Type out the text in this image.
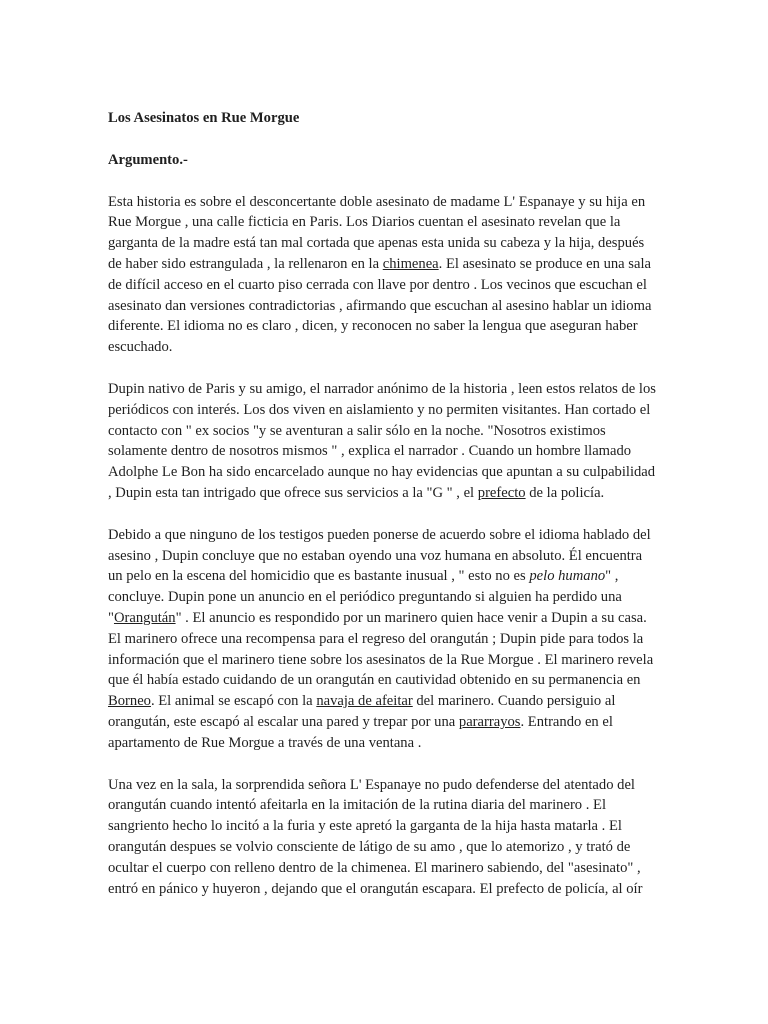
Los Asesinatos en Rue Morgue
Argumento.-

Esta historia es sobre el desconcertante doble asesinato de madame L' Espanaye y su hija en Rue Morgue , una calle ficticia en Paris. Los Diarios cuentan el asesinato revelan que la garganta de la madre está tan mal cortada que apenas esta unida su cabeza y la hija, después de haber sido estrangulada , la rellenaron en la chimenea. El asesinato se produce en una sala de difícil acceso en el cuarto piso cerrada con llave por dentro . Los vecinos que escuchan el asesinato dan versiones contradictorias , afirmando que escuchan al asesino hablar un idioma diferente. El idioma no es claro , dicen, y reconocen no saber la lengua que aseguran haber escuchado.

Dupin nativo de Paris y su amigo, el narrador anónimo de la historia , leen estos relatos de los periódicos con interés. Los dos viven en aislamiento y no permiten visitantes. Han cortado el contacto con " ex socios "y se aventuran a salir sólo en la noche. "Nosotros existimos solamente dentro de nosotros mismos " , explica el narrador . Cuando un hombre llamado Adolphe Le Bon ha sido encarcelado aunque no hay evidencias que apuntan a su culpabilidad , Dupin esta tan intrigado que ofrece sus servicios a la "G " , el prefecto de la policía.

Debido a que ninguno de los testigos pueden ponerse de acuerdo sobre el idioma hablado del asesino , Dupin concluye que no estaban oyendo una voz humana en absoluto. Él encuentra un pelo en la escena del homicidio que es bastante inusual , " esto no es pelo humano" , concluye. Dupin pone un anuncio en el periódico preguntando si alguien ha perdido una "Orangután" . El anuncio es respondido por un marinero quien hace venir a Dupin a su casa. El marinero ofrece una recompensa para el regreso del orangután ; Dupin pide para todos la información que el marinero tiene sobre los asesinatos de la Rue Morgue . El marinero revela que él había estado cuidando de un orangután en cautividad obtenido en su permanencia en Borneo. El animal se escapó con la navaja de afeitar del marinero. Cuando persiguio al orangután, este escapó al escalar una pared y trepar por una pararrayos. Entrando en el apartamento de Rue Morgue a través de una ventana .

Una vez en la sala, la sorprendida señora L' Espanaye no pudo defenderse del atentado del orangután cuando intentó afeitarla en la imitación de la rutina diaria del marinero . El sangriento hecho lo incitó a la furia y este apretó la garganta de la hija hasta matarla . El orangután despues se volvio consciente de látigo de su amo , que lo atemorizo , y trató de ocultar el cuerpo con relleno dentro de la chimenea. El marinero sabiendo, del "asesinato" , entró en pánico y huyeron , dejando que el orangután escapara. El prefecto de policía, al oír
